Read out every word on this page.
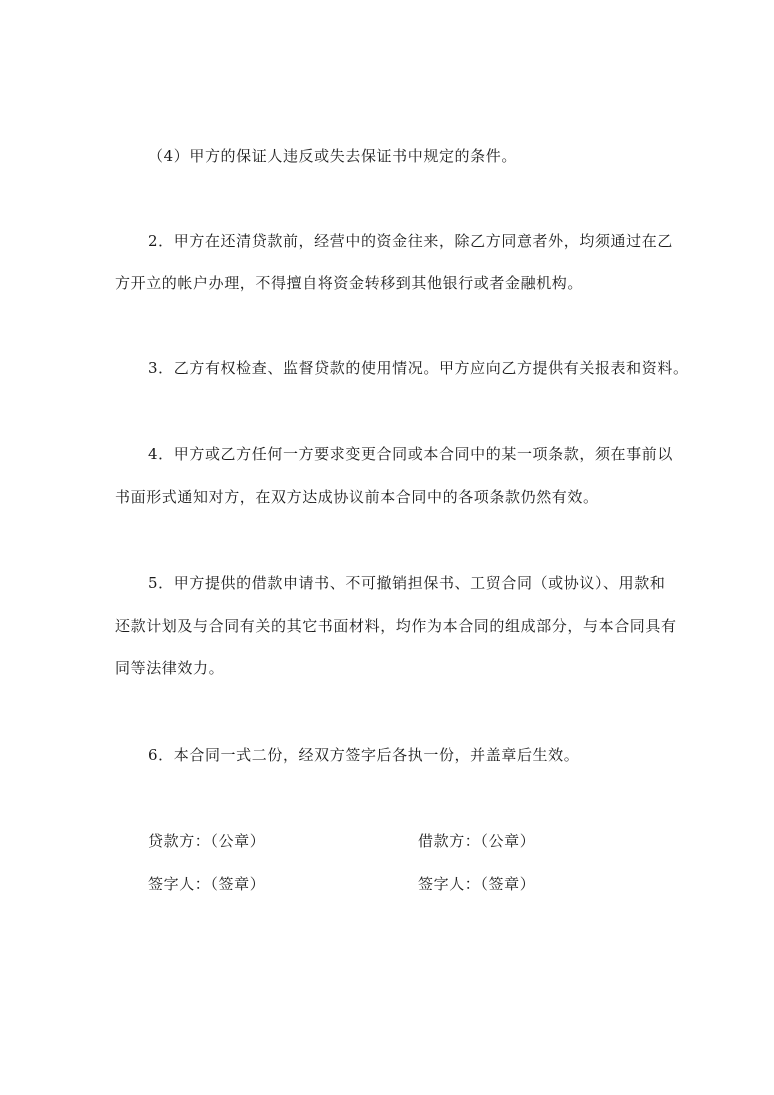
（4）甲方的保证人违反或失去保证书中规定的条件。
2．甲方在还清贷款前，经营中的资金往来，除乙方同意者外，均须通过在乙
方开立的帐户办理，不得擅自将资金转移到其他银行或者金融机构。
3．乙方有权检查、监督贷款的使用情况。甲方应向乙方提供有关报表和资料。
4．甲方或乙方任何一方要求变更合同或本合同中的某一项条款，须在事前以
书面形式通知对方，在双方达成协议前本合同中的各项条款仍然有效。
5．甲方提供的借款申请书、不可撤销担保书、工贸合同（或协议）、用款和
还款计划及与合同有关的其它书面材料，均作为本合同的组成部分，与本合同具有
同等法律效力。
6．本合同一式二份，经双方签字后各执一份，并盖章后生效。
贷款方：（公章）	借款方：（公章）
签字人：（签章）	签字人：（签章）
